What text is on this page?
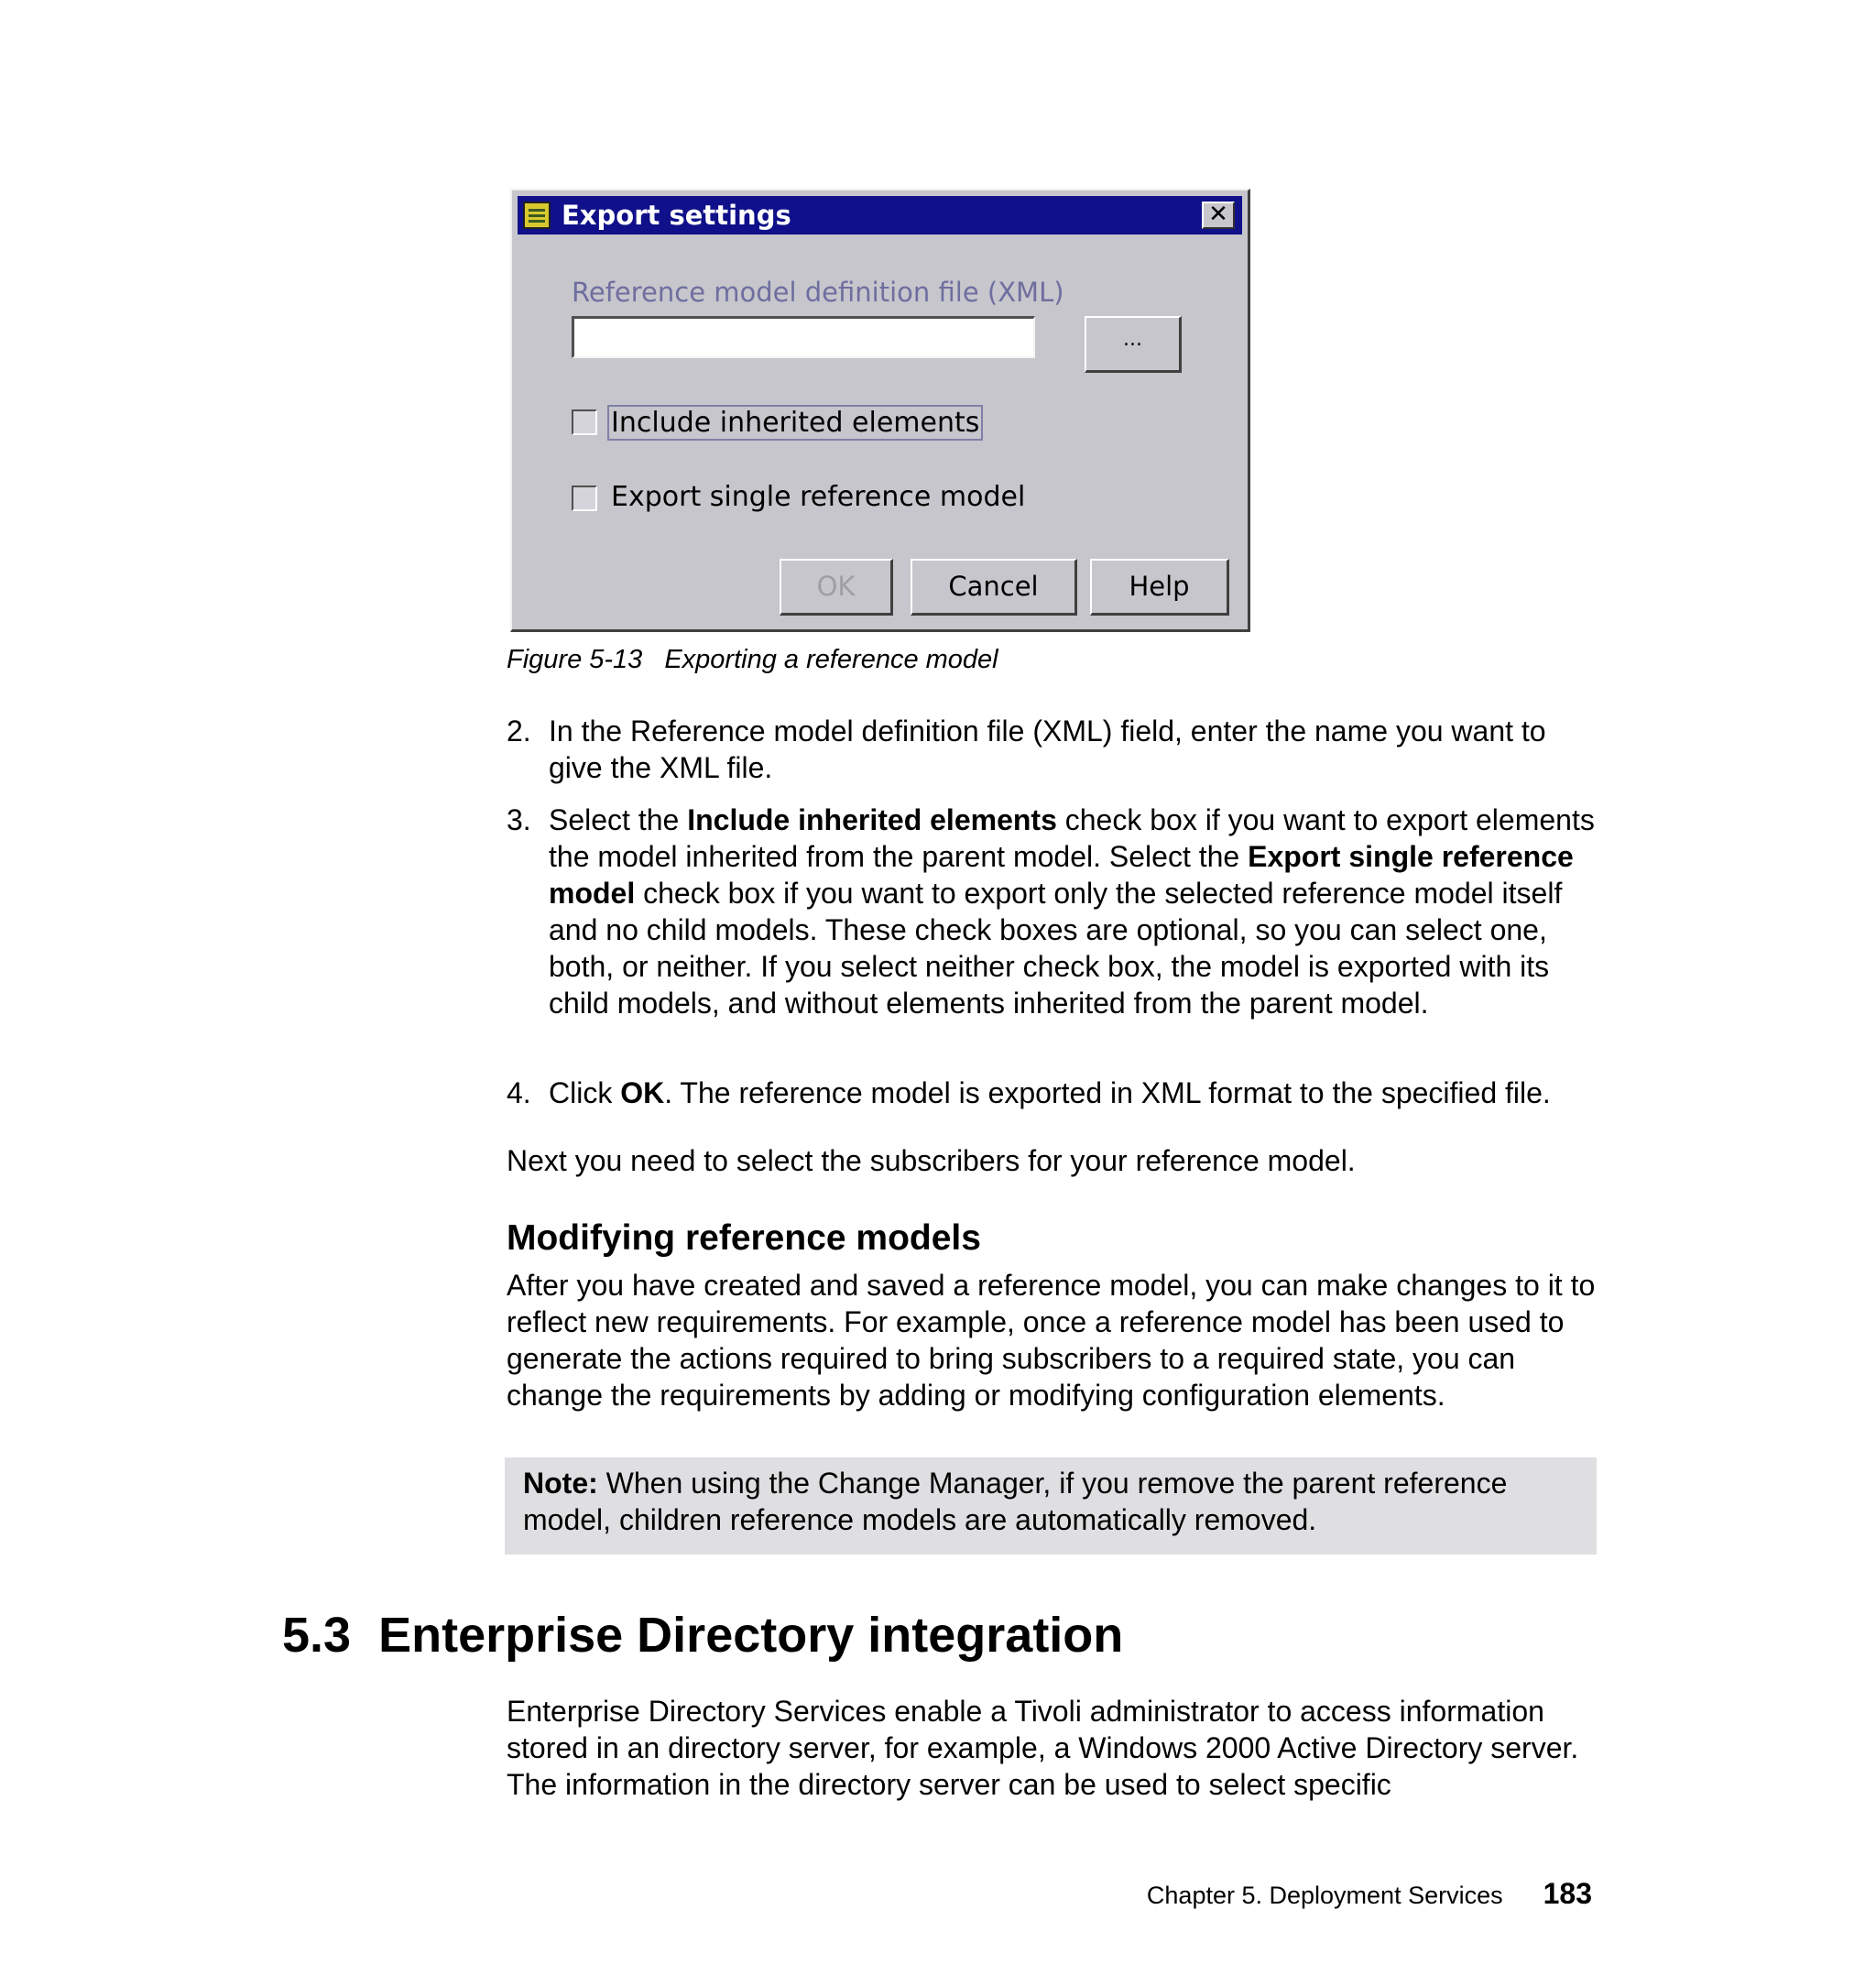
Export settings	✕
Reference model definition file (XML)
...
Include inherited elements
Export single reference model
OK	Cancel	Help
Figure 5-13 Exporting a reference model
2. In the Reference model definition file (XML) field, enter the name you want to give the XML file.
3. Select the Include inherited elements check box if you want to export elements the model inherited from the parent model. Select the Export single reference model check box if you want to export only the selected reference model itself and no child models. These check boxes are optional, so you can select one, both, or neither. If you select neither check box, the model is exported with its child models, and without elements inherited from the parent model.
4. Click OK. The reference model is exported in XML format to the specified file.

Next you need to select the subscribers for your reference model.

Modifying reference models

After you have created and saved a reference model, you can make changes to it to reflect new requirements. For example, once a reference model has been used to generate the actions required to bring subscribers to a required state, you can change the requirements by adding or modifying configuration elements.

Note: When using the Change Manager, if you remove the parent reference model, children reference models are automatically removed.
5.3 Enterprise Directory integration

Enterprise Directory Services enable a Tivoli administrator to access information stored in an directory server, for example, a Windows 2000 Active Directory server. The information in the directory server can be used to select specific

Chapter 5. Deployment Services 183
